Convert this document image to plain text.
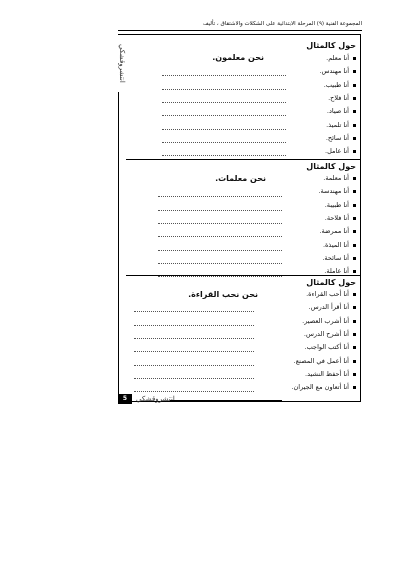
المجموعة الفنية (٩) المرحلة الابتدائية على الشكلات والاشتقاق ، تأليف
انتشروقشكي	حول كالمثال
نحن معلمون.	أنا معلم.
أنا مهندس.
أنا طبيب.
أنا فلاح.
أنا صياد.
أنا تلميذ.
أنا سائح.
أنا عامل.
حول كالمثال
نحن معلمات.	أنا معلمة.
أنا مهندسة.
أنا طبيبة.
أنا فلاحة.
أنا ممرضة.
أنا الميذة.
أنا سائحة.
أنا عاملة.
حول كالمثال
نحن نحب القراءة.	أنا أحب القراءة.
أنا أقرأ الدرس.
أنا أشرب العصير.
أنا أشرح الدرس.
أنا أكتب الواجب.
أنا أعمل في المصنع.
أنا أحفظ النشيد.
أنا أتعاون مع الجيران.
5	انتشروقشكي
